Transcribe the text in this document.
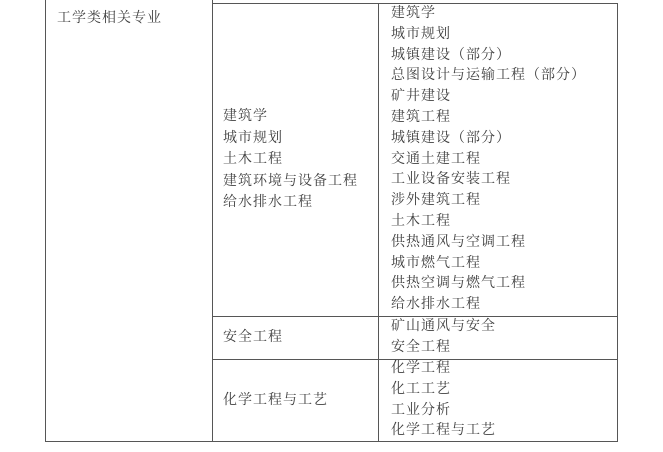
工学类相关专业
建筑学
城市规划
土木工程
建筑环境与设备工程
给水排水工程
建筑学
城市规划
城镇建设（部分）
总图设计与运输工程（部分）
矿井建设
建筑工程
城镇建设（部分）
交通土建工程
工业设备安装工程
涉外建筑工程
土木工程
供热通风与空调工程
城市燃气工程
供热空调与燃气工程
给水排水工程
安全工程
矿山通风与安全
安全工程
化学工程与工艺
化学工程
化工工艺
工业分析
化学工程与工艺
